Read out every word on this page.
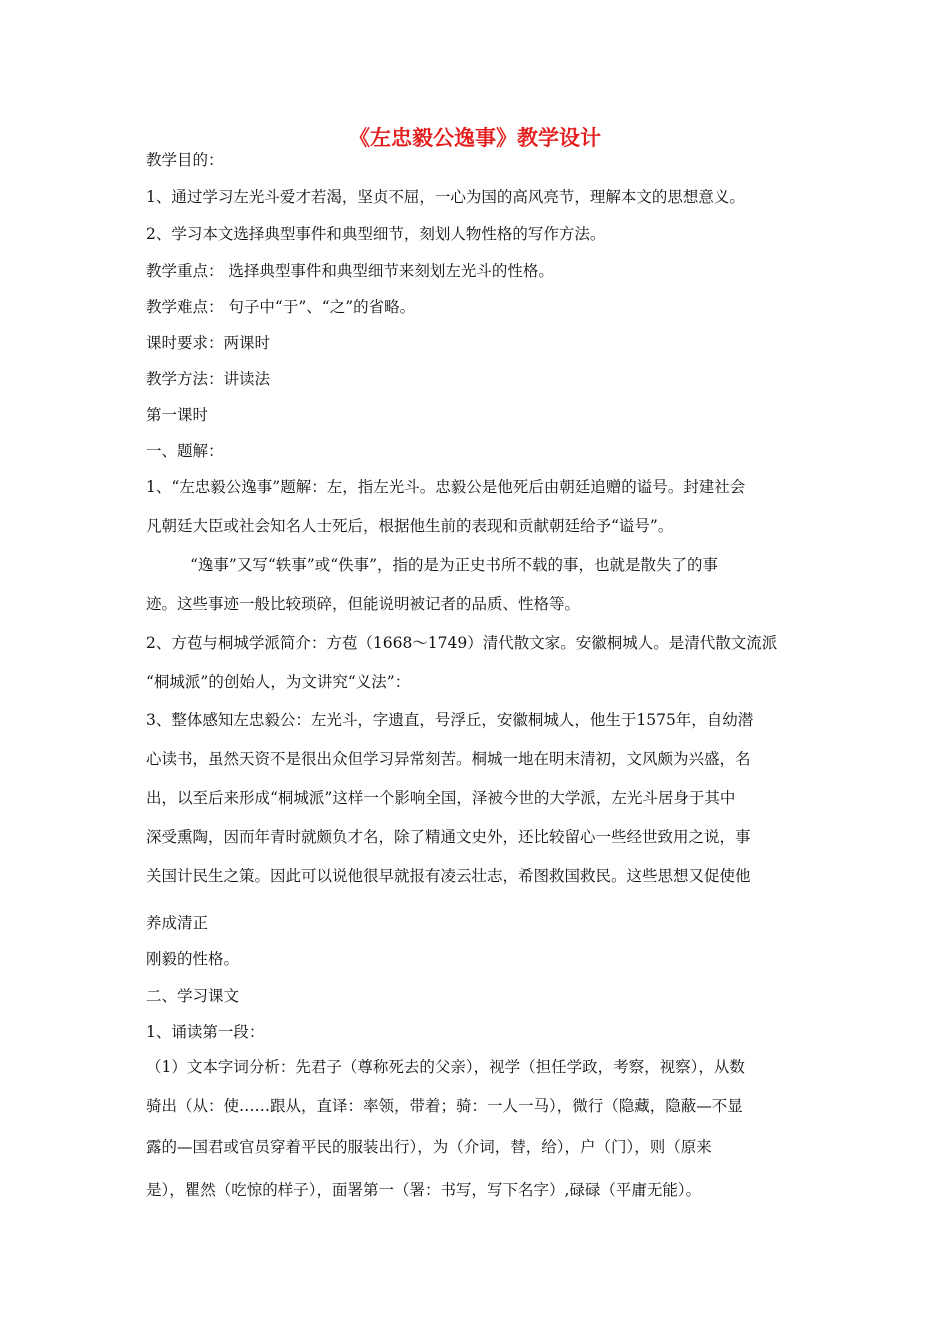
《左忠毅公逸事》教学设计
教学目的：
1、通过学习左光斗爱才若渴，坚贞不屈，一心为国的高风亮节，理解本文的思想意义。
2、学习本文选择典型事件和典型细节，刻划人物性格的写作方法。
教学重点： 选择典型事件和典型细节来刻划左光斗的性格。
教学难点： 句子中“于”、“之”的省略。
课时要求：两课时
教学方法：讲读法
第一课时
一、题解：
1、“左忠毅公逸事”题解：左，指左光斗。忠毅公是他死后由朝廷追赠的谥号。封建社会
凡朝廷大臣或社会知名人士死后，根据他生前的表现和贡献朝廷给予“谥号”。
“逸事”又写“轶事”或“佚事”，指的是为正史书所不载的事，也就是散失了的事
迹。这些事迹一般比较琐碎，但能说明被记者的品质、性格等。
2、方苞与桐城学派简介：方苞（1668～1749）清代散文家。安徽桐城人。是清代散文流派
“桐城派”的创始人，为文讲究“义法”：
3、整体感知左忠毅公：左光斗，字遗直，号浮丘，安徽桐城人，他生于1575年，自幼潜
心读书，虽然天资不是很出众但学习异常刻苦。桐城一地在明末清初，文风颇为兴盛，名
出，以至后来形成“桐城派”这样一个影响全国，泽被今世的大学派，左光斗居身于其中
深受熏陶，因而年青时就颇负才名，除了精通文史外，还比较留心一些经世致用之说，事
关国计民生之策。因此可以说他很早就报有凌云壮志，希图救国救民。这些思想又促使他
养成清正
刚毅的性格。
二、学习课文
1、诵读第一段：
（1）文本字词分析：先君子（尊称死去的父亲），视学（担任学政，考察，视察），从数
骑出（从：使……跟从，直译：率领，带着；骑：一人一马），微行（隐藏，隐蔽—不显
露的—国君或官员穿着平民的服装出行），为（介词，替，给），户（门），则（原来
是），瞿然（吃惊的样子），面署第一（署：书写，写下名字）,碌碌（平庸无能）。
